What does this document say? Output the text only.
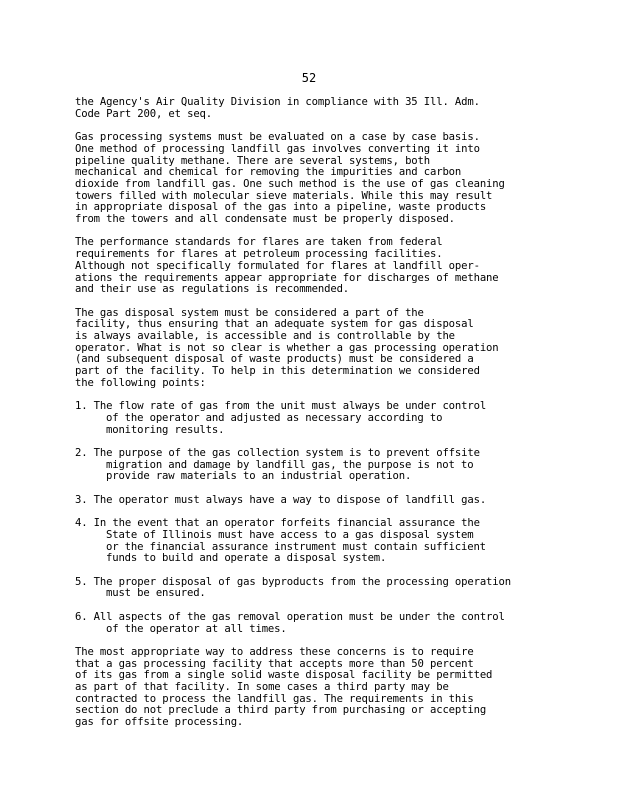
52
the Agency's Air Quality Division in compliance with 35 Ill. Adm.
Code Part 200, et seq.
Gas processing systems must be evaluated on a case by case basis.
One method of processing landfill gas involves converting it into
pipeline quality methane. There are several systems, both
mechanical and chemical for removing the impurities and carbon
dioxide from landfill gas. One such method is the use of gas cleaning
towers filled with molecular sieve materials. While this may result
in appropriate disposal of the gas into a pipeline, waste products
from the towers and all condensate must be properly disposed.
The performance standards for flares are taken from federal
requirements for flares at petroleum processing facilities.
Although not specifically formulated for flares at landfill oper-
ations the requirements appear appropriate for discharges of methane
and their use as regulations is recommended.
The gas disposal system must be considered a part of the
facility, thus ensuring that an adequate system for gas disposal
is always available, is accessible and is controllable by the
operator. What is not so clear is whether a gas processing operation
(and subsequent disposal of waste products) must be considered a
part of the facility. To help in this determination we considered
the following points:
1. The flow rate of gas from the unit must always be under control
of the operator and adjusted as necessary according to
monitoring results.
2. The purpose of the gas collection system is to prevent offsite
migration and damage by landfill gas, the purpose is not to
provide raw materials to an industrial operation.
3. The operator must always have a way to dispose of landfill gas.
4. In the event that an operator forfeits financial assurance the
State of Illinois must have access to a gas disposal system
or the financial assurance instrument must contain sufficient
funds to build and operate a disposal system.
5. The proper disposal of gas byproducts from the processing operation
must be ensured.
6. All aspects of the gas removal operation must be under the control
of the operator at all times.
The most appropriate way to address these concerns is to require
that a gas processing facility that accepts more than 50 percent
of its gas from a single solid waste disposal facility be permitted
as part of that facility. In some cases a third party may be
contracted to process the landfill gas. The requirements in this
section do not preclude a third party from purchasing or accepting
gas for offsite processing.
